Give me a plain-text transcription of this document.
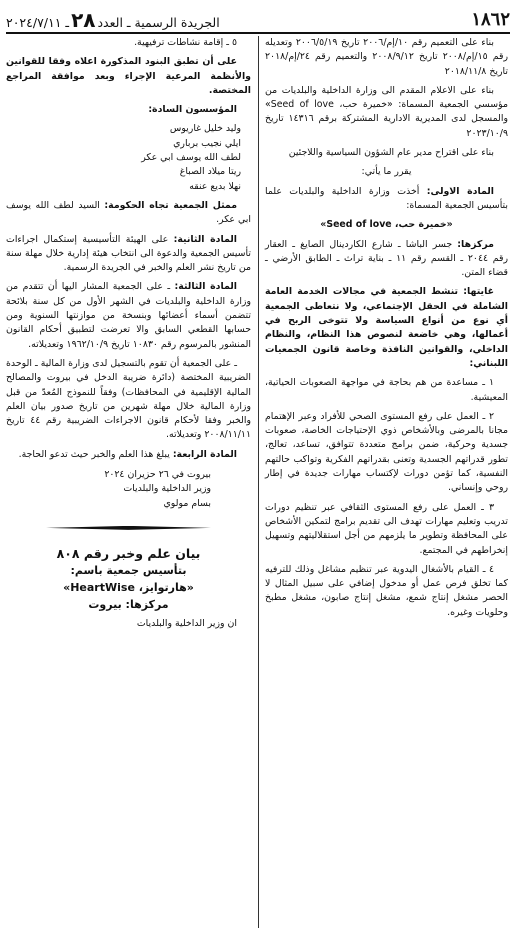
١٨٦٢
الجريدة الرسمية ـ العدد
٢٨
ـ ٢٠٢٤/٧/١١

بناء على التعميم رقم ١٠/إم/٢٠٠٦ تاريخ ٢٠٠٦/٥/١٩ وتعديله رقم ١٥/إم/٢٠٠٨ تاريخ ٢٠٠٨/٩/١٢ والتعميم رقم ٢٤/إم/٢٠١٨ تاريخ ٢٠١٨/١١/٨

بناء على الاعلام المقدم الى وزارة الداخلية والبلديات من مؤسسي الجمعية المسماة: «خميرة حب، Seed of love» والمسجل لدى المديرية الادارية المشتركة برقم ١٤٣١٦ تاريخ ٢٠٢٣/١٠/٩

بناء على اقتراح مدير عام الشؤون السياسية واللاجئين

يقرر ما يأتي:

المادة الاولى: أخذت وزارة الداخلية والبلديات علما بتأسيس الجمعية المسماة:

«خميرة حب، Seed of love»

مركزها: جسر الباشا ـ شارع الكاردينال الصايغ ـ العقار رقم ٢٠٤٤ ـ القسم رقم ١١ ـ بناية تراث ـ الطابق الأرضي ـ قضاء المتن.

غايتها: تنشط الجمعية في مجالات الخدمة العامة الشاملة في الحقل الإجتماعي، ولا نتعاطى الجمعية أي نوع من أنواع السياسة ولا تتوخى الربح في أعمالها، وهي خاضعة لنصوص هذا النظام، والنظام الداخلي، والقوانين النافذة وخاصة قانون الجمعيات اللبناني:

١ ـ مساعدة من هم بحاجة في مواجهة الصعوبات الحياتية، المعيشية.

٢ ـ العمل على رفع المستوى الصحي للأفراد وعبر الإهتمام مجانا بالمرضى وبالأشخاص ذوي الإحتياجات الخاصة، صعوبات جسدية وحركية، ضمن برامج متعددة تتوافق، تساعد، تعالج، تطور قدراتهم الجسدية وتعنى بقدراتهم الفكرية وتواكب حالتهم النفسية، كما تؤمن دورات لإكتساب مهارات جديدة في إطار روحي وإنساني.

٣ ـ العمل على رفع المستوى الثقافي عبر تنظيم دورات تدريب وتعليم مهارات تهدف الى تقديم برامج لتمكين الأشخاص على المحافظة وتطوير ما يلزمهم من أجل استقلاليتهم وتسهيل إنخراطهم في المجتمع.

٤ ـ القيام بالأشغال اليدوية عبر تنظيم مشاغل وذلك للترفيه كما تخلق فرص عمل أو مدخول إضافي على سبيل المثال لا الحصر مشغل إنتاج شمع، مشغل إنتاج صابون، مشغل مطبخ وحلويات وغيره.

٥ ـ إقامة نشاطات ترفيهية.

على أن تطبق البنود المذكورة اعلاه وفقا للقوانين والأنظمة المرعية الإجراء وبعد موافقة المراجع المختصة.

المؤسسون السادة:

وليد خليل غاريوس
ايلي نجيب برباري
لطف الله يوسف ابي عكر
ريتا ميلاد الصباغ
نهلا بديع عنقه

ممثل الجمعية تجاه الحكومة: السيد لطف الله يوسف ابي عكر.

المادة الثانية: على الهيئة التأسيسية إستكمال اجراءات تأسيس الجمعية والدعوة الى انتخاب هيئة إدارية خلال مهلة سنة من تاريخ نشر العلم والخبر في الجريدة الرسمية.

المادة الثالثة: ـ على الجمعية المشار اليها أن تتقدم من وزارة الداخلية والبلديات في الشهر الأول من كل سنة بلائحة تتضمن أسماء أعضائها وبنسخة من موازنتها السنوية ومن حسابها القطعي السابق والا تعرضت لتطبيق أحكام القانون المنشور بالمرسوم رقم ١٠٨٣٠ تاريخ ١٩٦٢/١٠/٩ وتعديلاته.

ـ على الجمعية أن تقوم بالتسجيل لدى وزارة المالية ـ الوحدة الضريبية المختصة (دائرة ضريبة الدخل في بيروت والمصالح المالية الإقليمية في المحافظات) وفقاً للنموذج المُعدّ من قبل وزارة المالية خلال مهلة شهرين من تاريخ صدور بيان العلم والخبر وفقا لأحكام قانون الاجراءات الضريبية رقم ٤٤ تاريخ ٢٠٠٨/١١/١١ وتعديلاته.

المادة الرابعة: يبلغ هذا العلم والخبر حيث تدعو الحاجة.

بيروت في ٢٦ حزيران ٢٠٢٤
وزير الداخلية والبلديات
بسام مولوي
بيان علم وخبر رقم ٨٠٨
بتأسيس جمعية باسم:
«هارتوايز، HeartWise»
مركزها: بيروت

ان وزير الداخلية والبلديات
